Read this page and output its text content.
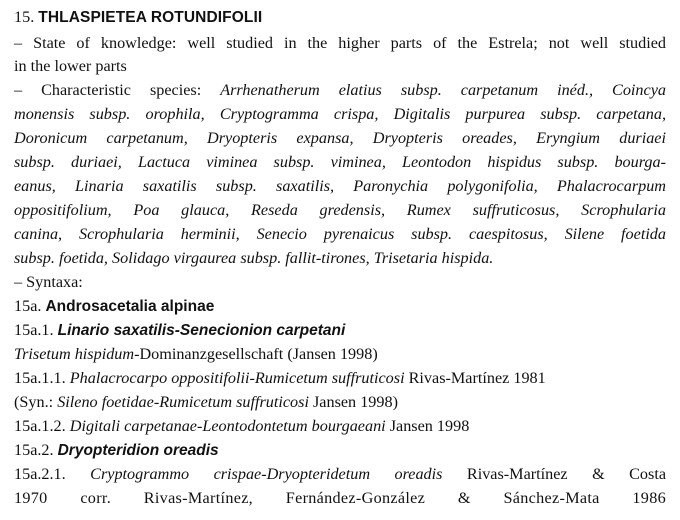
15. THLASPIETEA ROTUNDIFOLII
– State of knowledge: well studied in the higher parts of the Estrela; not well studied
in the lower parts
– Characteristic species: Arrhenatherum elatius subsp. carpetanum inéd., Coincya
monensis subsp. orophila, Cryptogramma crispa, Digitalis purpurea subsp. carpetana,
Doronicum carpetanum, Dryopteris expansa, Dryopteris oreades, Eryngium duriaei
subsp. duriaei, Lactuca viminea subsp. viminea, Leontodon hispidus subsp. bourga-
eanus, Linaria saxatilis subsp. saxatilis, Paronychia polygonifolia, Phalacrocarpum
oppositifolium, Poa glauca, Reseda gredensis, Rumex suffruticosus, Scrophularia
canina, Scrophularia herminii, Senecio pyrenaicus subsp. caespitosus, Silene foetida
subsp. foetida, Solidago virgaurea subsp. fallit-tirones, Trisetaria hispida.
– Syntaxa:
15a. Androsacetalia alpinae
15a.1. Linario saxatilis-Senecionion carpetani
Trisetum hispidum-Dominanzgesellschaft (Jansen 1998)
15a.1.1. Phalacrocarpo oppositifolii-Rumicetum suffruticosi Rivas-Martínez 1981
(Syn.: Sileno foetidae-Rumicetum suffruticosi Jansen 1998)
15a.1.2. Digitali carpetanae-Leontodontetum bourgaeani Jansen 1998
15a.2. Dryopteridion oreadis
15a.2.1. Cryptogrammo crispae-Dryopteridetum oreadis Rivas-Martínez & Costa
1970 corr. Rivas-Martínez, Fernández-González & Sánchez-Mata 1986
